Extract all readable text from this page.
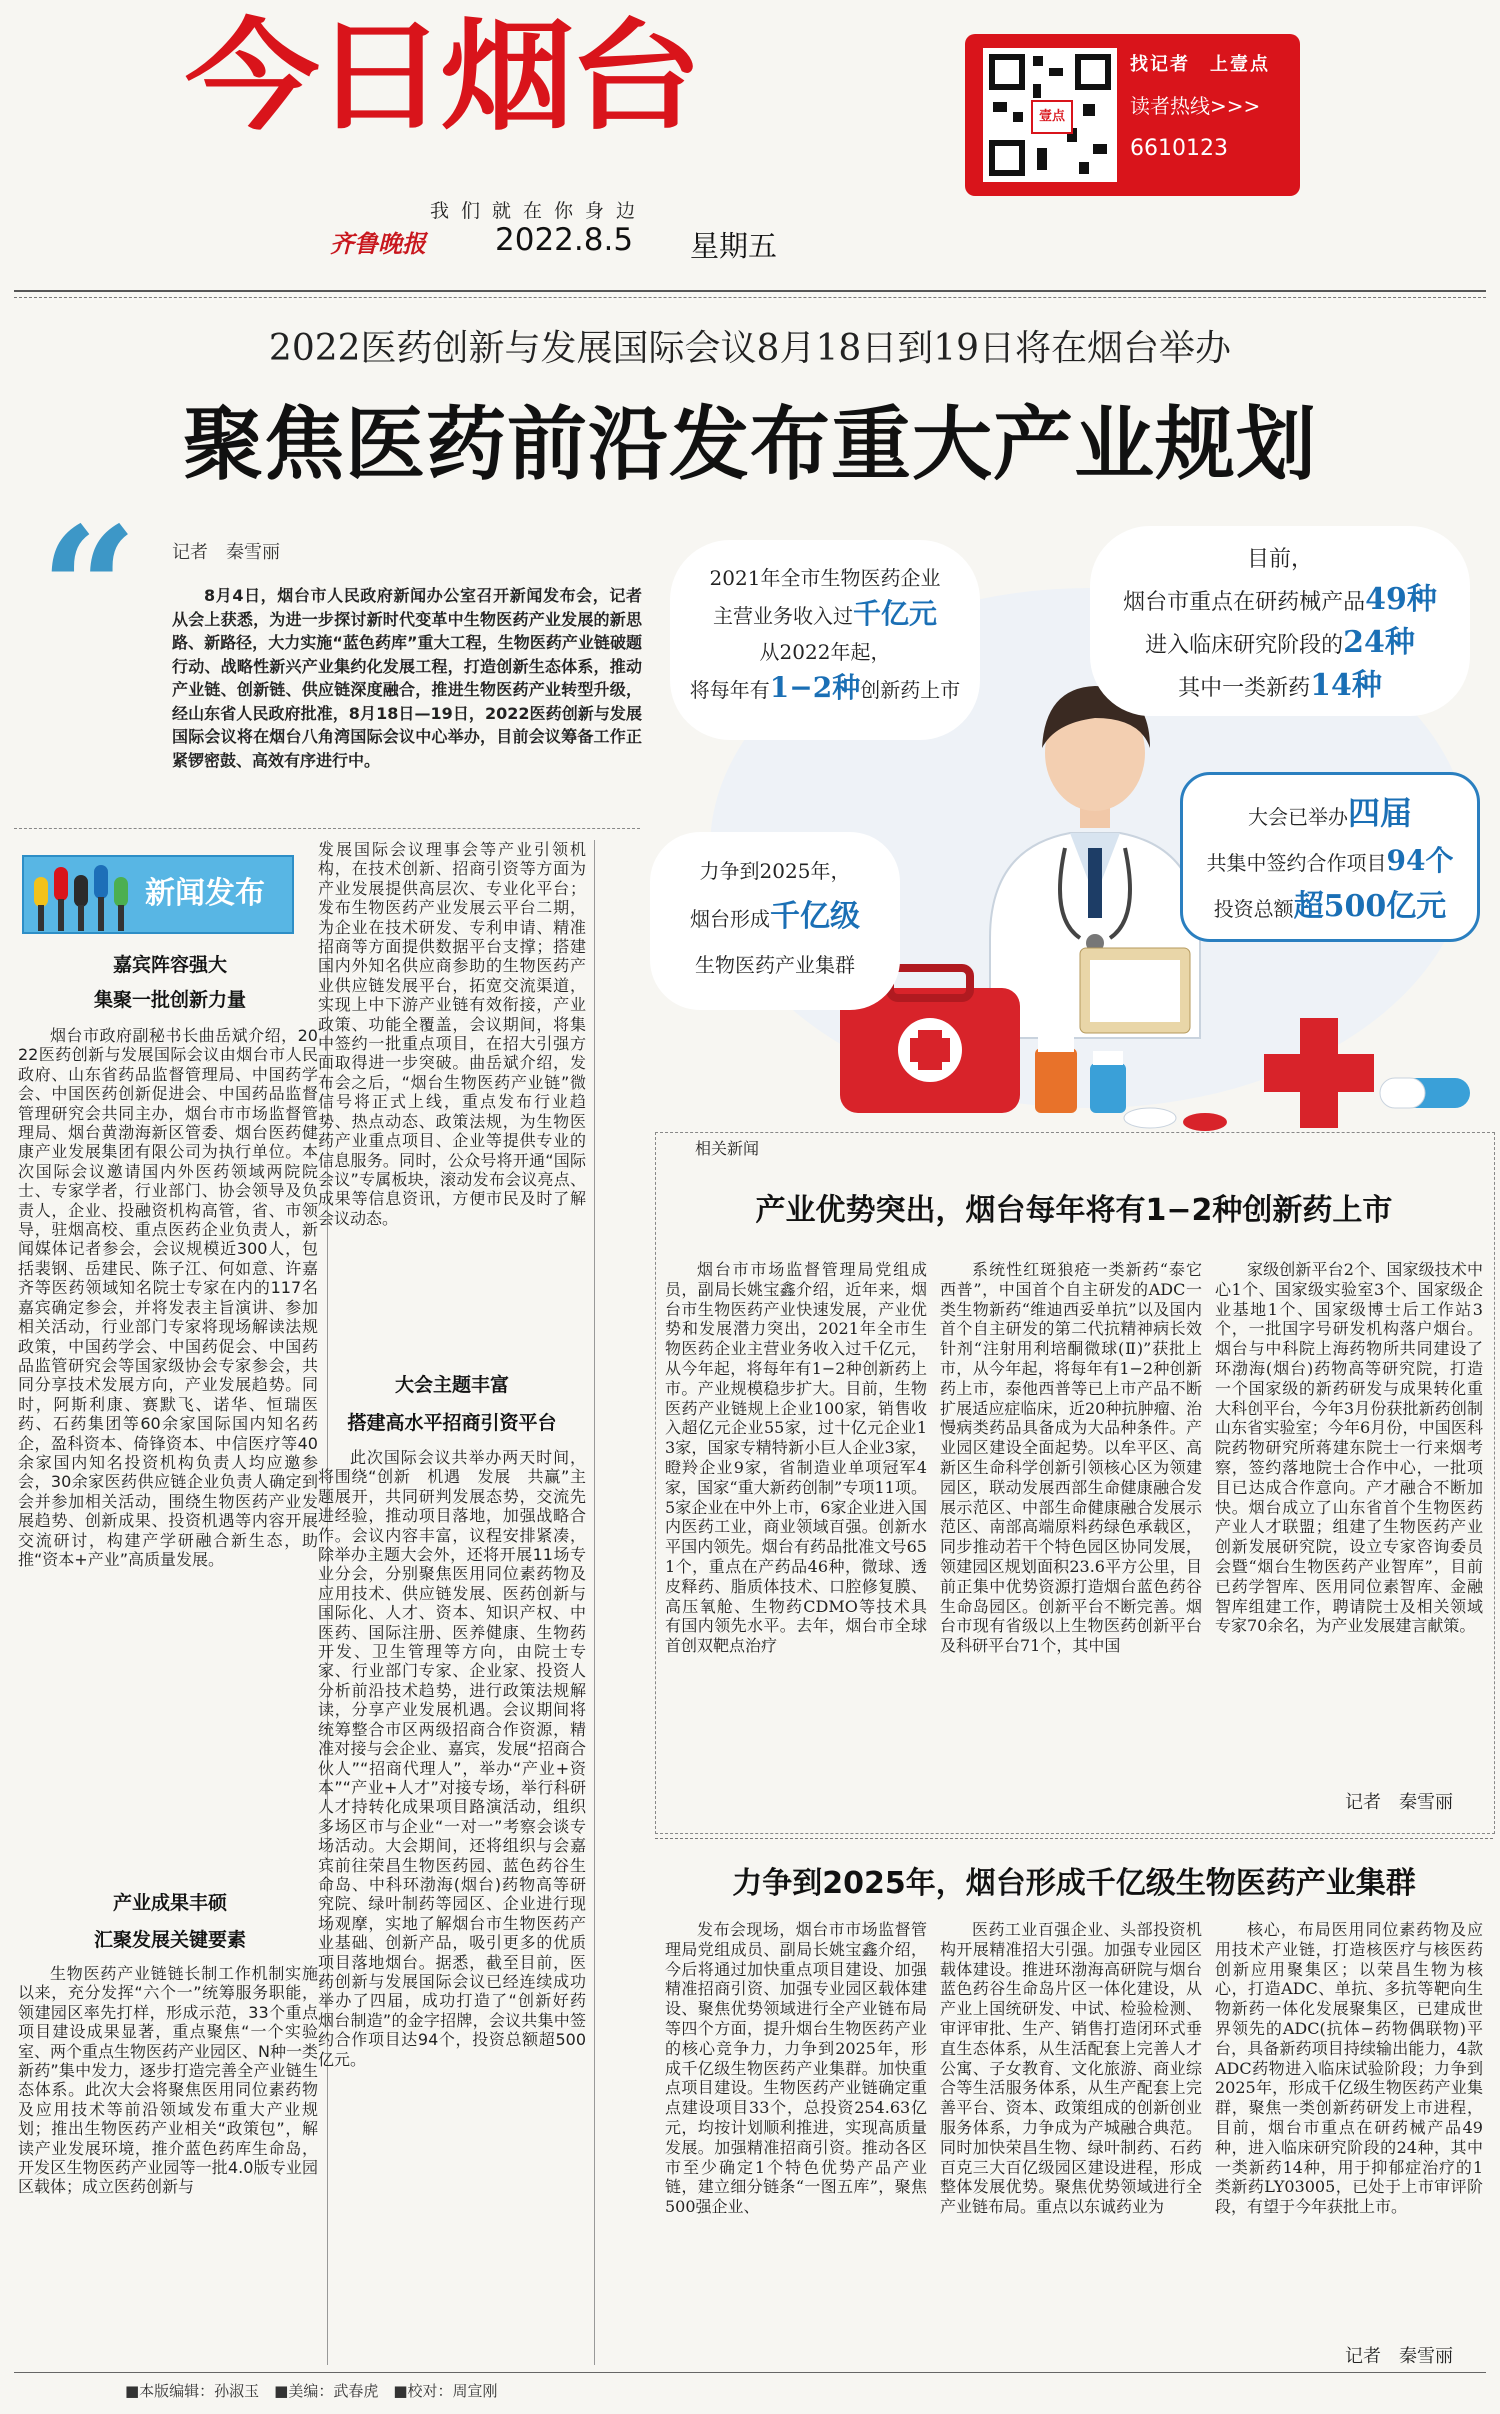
今日烟台
我们就在你身边
齐鲁晚报 2022.8.5 星期五
壹点
找记者　上壹点
读者热线>>>
6610123
2022医药创新与发展国际会议8月18日到19日将在烟台举办
聚焦医药前沿发布重大产业规划
“ 记者　秦雪丽
8月4日，烟台市人民政府新闻办公室召开新闻发布会，记者从会上获悉，为进一步探讨新时代变革中生物医药产业发展的新思路、新路径，大力实施“蓝色药库”重大工程，生物医药产业链破题行动、战略性新兴产业集约化发展工程，打造创新生态体系，推动产业链、创新链、供应链深度融合，推进生物医药产业转型升级，经山东省人民政府批准，8月18日—19日，2022医药创新与发展国际会议将在烟台八角湾国际会议中心举办，目前会议筹备工作正紧锣密鼓、高效有序进行中。
2021年全市生物医药企业
主营业务收入过千亿元
从2022年起，
将每年有1−2种创新药上市
目前，
烟台市重点在研药械产品49种
进入临床研究阶段的24种
其中一类新药14种
大会已举办四届
共集中签约合作项目94个
投资总额超500亿元
力争到2025年，
烟台形成千亿级
生物医药产业集群
新闻发布
嘉宾阵容强大
集聚一批创新力量
烟台市政府副秘书长曲岳斌介绍，2022医药创新与发展国际会议由烟台市人民政府、山东省药品监督管理局、中国药学会、中国医药创新促进会、中国药品监督管理研究会共同主办，烟台市市场监督管理局、烟台黄渤海新区管委、烟台医药健康产业发展集团有限公司为执行单位。本次国际会议邀请国内外医药领域两院院士、专家学者，行业部门、协会领导及负责人，企业、投融资机构高管，省、市领导，驻烟高校、重点医药企业负责人，新闻媒体记者参会，会议规模近300人，包括裴钢、岳建民、陈子江、何如意、许嘉齐等医药领域知名院士专家在内的117名嘉宾确定参会，并将发表主旨演讲、参加相关活动，行业部门专家将现场解读法规政策，中国药学会、中国药促会、中国药品监管研究会等国家级协会专家参会，共同分享技术发展方向，产业发展趋势。同时，阿斯利康、赛默飞、诺华、恒瑞医药、石药集团等60余家国际国内知名药企，盈科资本、倚锋资本、中信医疗等40余家国内知名投资机构负责人均应邀参会，30余家医药供应链企业负责人确定到会并参加相关活动，围绕生物医药产业发展趋势、创新成果、投资机遇等内容开展交流研讨，构建产学研融合新生态，助推“资本+产业”高质量发展。
产业成果丰硕
汇聚发展关键要素
生物医药产业链链长制工作机制实施以来，充分发挥“六个一”统筹服务职能，领建园区率先打样，形成示范，33个重点项目建设成果显著，重点聚焦“一个实验室、两个重点生物医药产业园区、N种一类新药”集中发力，逐步打造完善全产业链生态体系。此次大会将聚焦医用同位素药物及应用技术等前沿领域发布重大产业规划；推出生物医药产业相关“政策包”，解读产业发展环境，推介蓝色药库生命岛，开发区生物医药产业园等一批4.0版专业园区载体；成立医药创新与
发展国际会议理事会等产业引领机构，在技术创新、招商引资等方面为产业发展提供高层次、专业化平台；发布生物医药产业发展云平台二期，为企业在技术研发、专利申请、精准招商等方面提供数据平台支撑；搭建国内外知名供应商参助的生物医药产业供应链发展平台，拓宽交流渠道，实现上中下游产业链有效衔接，产业政策、功能全覆盖，会议期间，将集中签约一批重点项目，在招大引强方面取得进一步突破。曲岳斌介绍，发布会之后，“烟台生物医药产业链”微信号将正式上线，重点发布行业趋势、热点动态、政策法规，为生物医药产业重点项目、企业等提供专业的信息服务。同时，公众号将开通“国际会议”专属板块，滚动发布会议亮点、成果等信息资讯，方便市民及时了解会议动态。
大会主题丰富
搭建高水平招商引资平台
此次国际会议共举办两天时间，将围绕“创新　机遇　发展　共赢”主题展开，共同研判发展态势，交流先进经验，推动项目落地，加强战略合作。会议内容丰富，议程安排紧凑，除举办主题大会外，还将开展11场专业分会，分别聚焦医用同位素药物及应用技术、供应链发展、医药创新与国际化、人才、资本、知识产权、中医药、国际注册、医养健康、生物药开发、卫生管理等方向，由院士专家、行业部门专家、企业家、投资人分析前沿技术趋势，进行政策法规解读，分享产业发展机遇。会议期间将统筹整合市区两级招商合作资源，精准对接与会企业、嘉宾，发展“招商合伙人”“招商代理人”，举办“产业+资本”“产业+人才”对接专场，举行科研人才持转化成果项目路演活动，组织多场区市与企业“一对一”考察会谈专场活动。大会期间，还将组织与会嘉宾前往荣昌生物医药园、蓝色药谷生命岛、中科环渤海(烟台)药物高等研究院、绿叶制药等园区、企业进行现场观摩，实地了解烟台市生物医药产业基础、创新产品，吸引更多的优质项目落地烟台。据悉，截至目前，医药创新与发展国际会议已经连续成功举办了四届，成功打造了“创新好药　烟台制造”的金字招牌，会议共集中签约合作项目达94个，投资总额超500亿元。
相关新闻
产业优势突出，烟台每年将有1−2种创新药上市
烟台市市场监督管理局党组成员，副局长姚宝鑫介绍，近年来，烟台市生物医药产业快速发展，产业优势和发展潜力突出，2021年全市生物医药企业主营业务收入过千亿元，从今年起，将每年有1−2种创新药上市。产业规模稳步扩大。目前，生物医药产业链规上企业100家，销售收入超亿元企业55家，过十亿元企业13家，国家专精特新小巨人企业3家，瞪羚企业9家，省制造业单项冠军4家，国家“重大新药创制”专项11项。5家企业在中外上市，6家企业进入国内医药工业，商业领域百强。创新水平国内领先。烟台有药品批准文号651个，重点在产药品46种，微球、透皮释药、脂质体技术、口腔修复膜、高压氧舱、生物药CDMO等技术具有国内领先水平。去年，烟台市全球首创双靶点治疗
系统性红斑狼疮一类新药“泰它西普”，中国首个自主研发的ADC一类生物新药“维迪西妥单抗”以及国内首个自主研发的第二代抗精神病长效针剂“注射用利培酮微球(Ⅱ)”获批上市，从今年起，将每年有1−2种创新药上市，泰他西普等已上市产品不断扩展适应症临床，近20种抗肿瘤、治慢病类药品具备成为大品种条件。产业园区建设全面起势。以牟平区、高新区生命科学创新引领核心区为领建园区，联动发展西部生命健康融合发展示范区、中部生命健康融合发展示范区、南部高端原料药绿色承载区，同步推动若干个特色园区协同发展，领建园区规划面积23.6平方公里，目前正集中优势资源打造烟台蓝色药谷生命岛园区。创新平台不断完善。烟台市现有省级以上生物医药创新平台及科研平台71个，其中国
家级创新平台2个、国家级技术中心1个、国家级实验室3个、国家级企业基地1个、国家级博士后工作站3个，一批国字号研发机构落户烟台。烟台与中科院上海药物所共同建设了环渤海(烟台)药物高等研究院，打造一个国家级的新药研发与成果转化重大科创平台，今年3月份获批新药创制山东省实验室；今年6月份，中国医科院药物研究所蒋建东院士一行来烟考察，签约落地院士合作中心，一批项目已达成合作意向。产才融合不断加快。烟台成立了山东省首个生物医药产业人才联盟；组建了生物医药产业创新发展研究院，设立专家咨询委员会暨“烟台生物医药产业智库”，目前已药学智库、医用同位素智库、金融智库组建工作，聘请院士及相关领域专家70余名，为产业发展建言献策。
记者　秦雪丽
力争到2025年，烟台形成千亿级生物医药产业集群
发布会现场，烟台市市场监督管理局党组成员、副局长姚宝鑫介绍，今后将通过加快重点项目建设、加强精准招商引资、加强专业园区载体建设、聚焦优势领域进行全产业链布局等四个方面，提升烟台生物医药产业的核心竞争力，力争到2025年，形成千亿级生物医药产业集群。加快重点项目建设。生物医药产业链确定重点建设项目33个，总投资254.63亿元，均按计划顺利推进，实现高质量发展。加强精准招商引资。推动各区市至少确定1个特色优势产品产业链，建立细分链条“一图五库”，聚焦500强企业、
医药工业百强企业、头部投资机构开展精准招大引强。加强专业园区载体建设。推进环渤海高研院与烟台蓝色药谷生命岛片区一体化建设，从产业上国统研发、中试、检验检测、审评审批、生产、销售打造闭环式垂直生态体系，从生活配套上完善人才公寓、子女教育、文化旅游、商业综合等生活服务体系，从生产配套上完善平台、资本、政策组成的创新创业服务体系，力争成为产城融合典范。同时加快荣昌生物、绿叶制药、石药百克三大百亿级园区建设进程，形成整体发展优势。聚焦优势领域进行全产业链布局。重点以东诚药业为
核心，布局医用同位素药物及应用技术产业链，打造核医疗与核医药创新应用聚集区；以荣昌生物为核心，打造ADC、单抗、多抗等靶向生物新药一体化发展聚集区，已建成世界领先的ADC(抗体−药物偶联物)平台，具备新药项目持续输出能力，4款ADC药物进入临床试验阶段；力争到2025年，形成千亿级生物医药产业集群，聚焦一类创新药研发上市进程，目前，烟台市重点在研药械产品49种，进入临床研究阶段的24种，其中一类新药14种，用于抑郁症治疗的1类新药LY03005，已处于上市审评阶段，有望于今年获批上市。
记者　秦雪丽
■本版编辑：孙淑玉　■美编：武春虎　■校对：周宣刚
